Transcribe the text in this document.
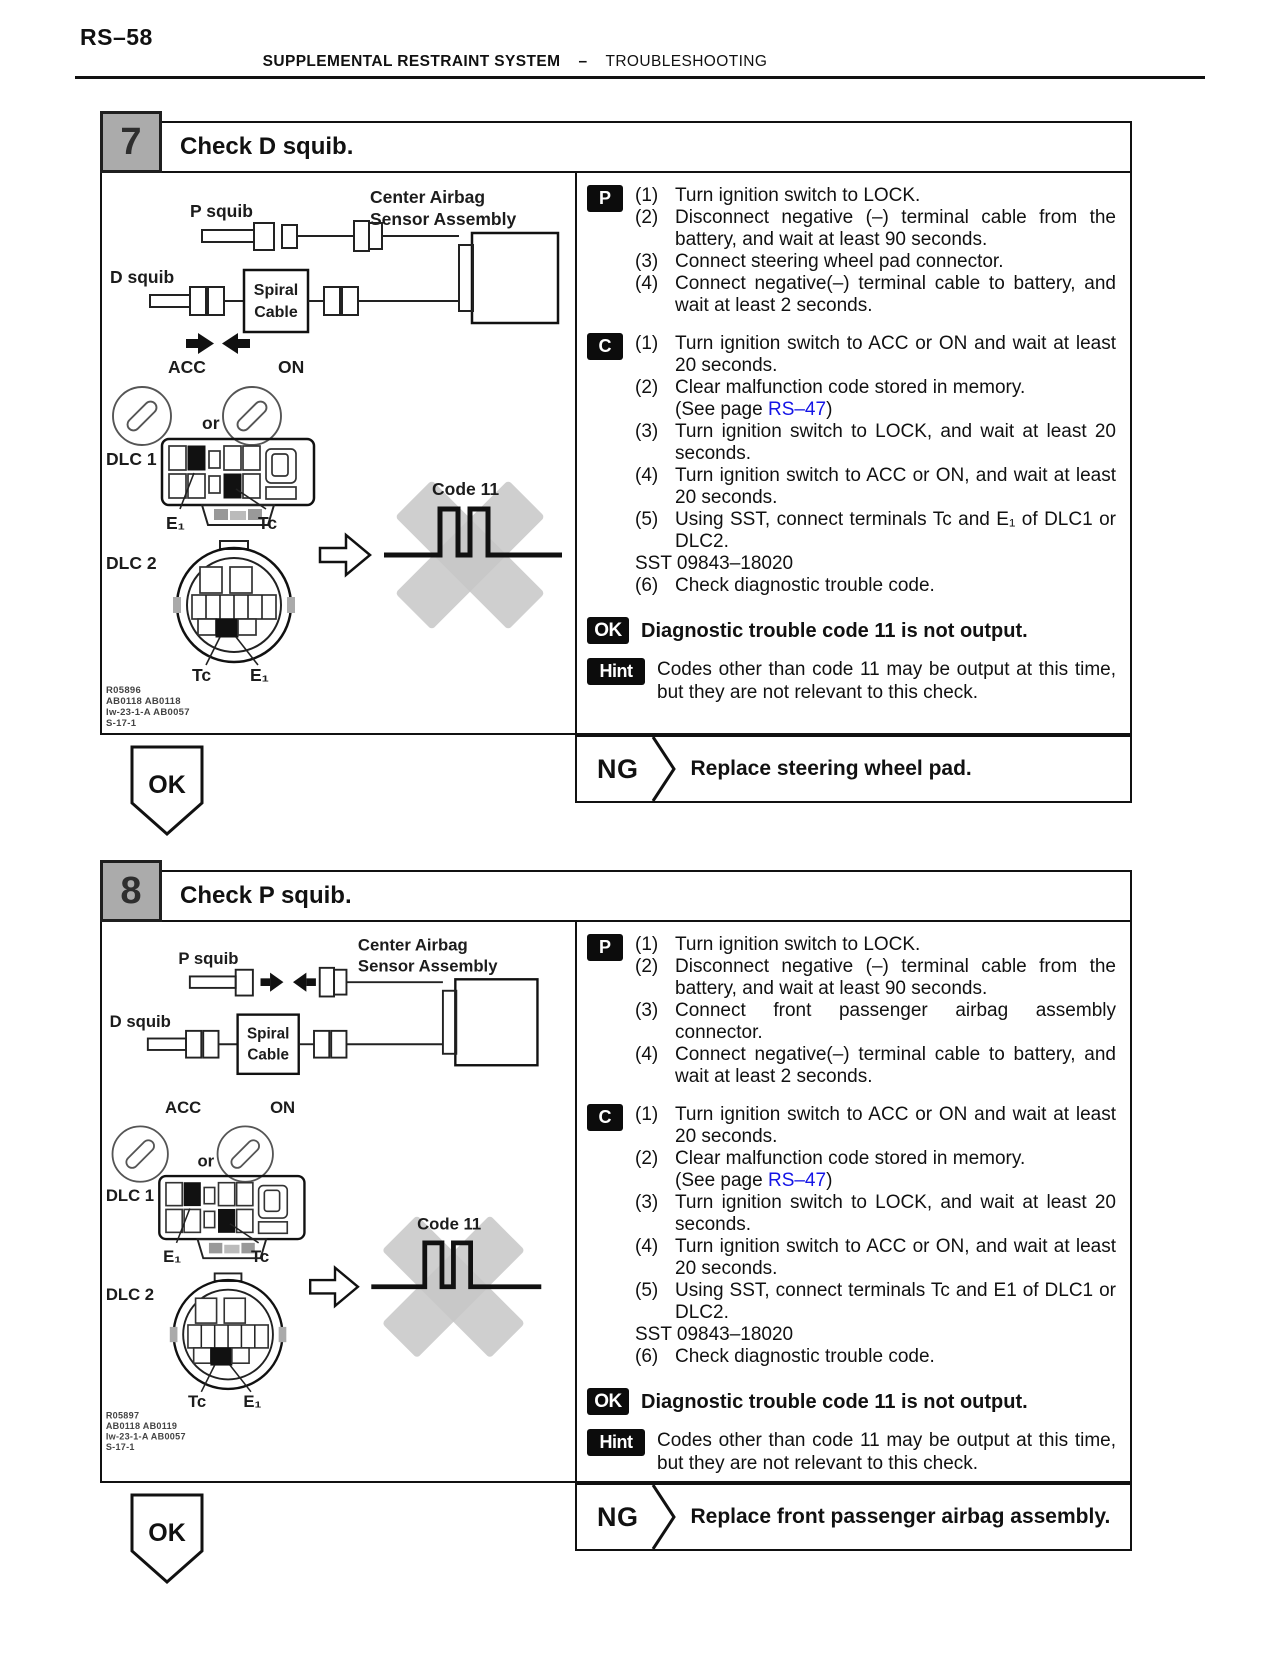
RS–58
SUPPLEMENTAL RESTRAINT SYSTEM – TROUBLESHOOTING
7	Check D squib.
Center Airbag
Sensor Assembly
P squib
D squib
Spiral
Cable
ACC	ON
or
DLC 1
E₁	Tc
DLC 2
Tc E₁
R05896
AB0118 AB0118
Iw-23-1-A AB0057
S-17-1
Code 11
P	(1) Turn ignition switch to LOCK.
(2) Disconnect negative (–) terminal cable from the battery, and wait at least 90 seconds.
(3) Connect steering wheel pad connector.
(4) Connect negative(–) terminal cable to battery, and wait at least 2 seconds.
C	(1) Turn ignition switch to ACC or ON and wait at least 20 seconds.
(2) Clear malfunction code stored in memory.
(See page RS–47)
(3) Turn ignition switch to LOCK, and wait at least 20 seconds.
(4) Turn ignition switch to ACC or ON, and wait at least 20 seconds.
(5) Using SST, connect terminals Tc and E₁ of DLC1 or DLC2.
SST 09843–18020
(6) Check diagnostic trouble code.
OK Diagnostic trouble code 11 is not output.
Hint	Codes other than code 11 may be output at this time, but they are not relevant to this check.
OK
NG Replace steering wheel pad.
8	Check P squib.
Center Airbag
Sensor Assembly
P squib
D squib
Spiral
Cable
ACC	ON
or
DLC 1
E₁	Tc
DLC 2
Tc E₁
R05897
AB0118 AB0119
Iw-23-1-A AB0057
S-17-1
Code 11
P	(1) Turn ignition switch to LOCK.
(2) Disconnect negative (–) terminal cable from the battery, and wait at least 90 seconds.
(3) Connect front passenger airbag assembly connector.
(4) Connect negative(–) terminal cable to battery, and wait at least 2 seconds.
C	(1) Turn ignition switch to ACC or ON and wait at least 20 seconds.
(2) Clear malfunction code stored in memory.
(See page RS–47)
(3) Turn ignition switch to LOCK, and wait at least 20 seconds.
(4) Turn ignition switch to ACC or ON, and wait at least 20 seconds.
(5) Using SST, connect terminals Tc and E1 of DLC1 or DLC2.
SST 09843–18020
(6) Check diagnostic trouble code.
OK Diagnostic trouble code 11 is not output.
Hint	Codes other than code 11 may be output at this time, but they are not relevant to this check.
OK
NG Replace front passenger airbag assembly.
